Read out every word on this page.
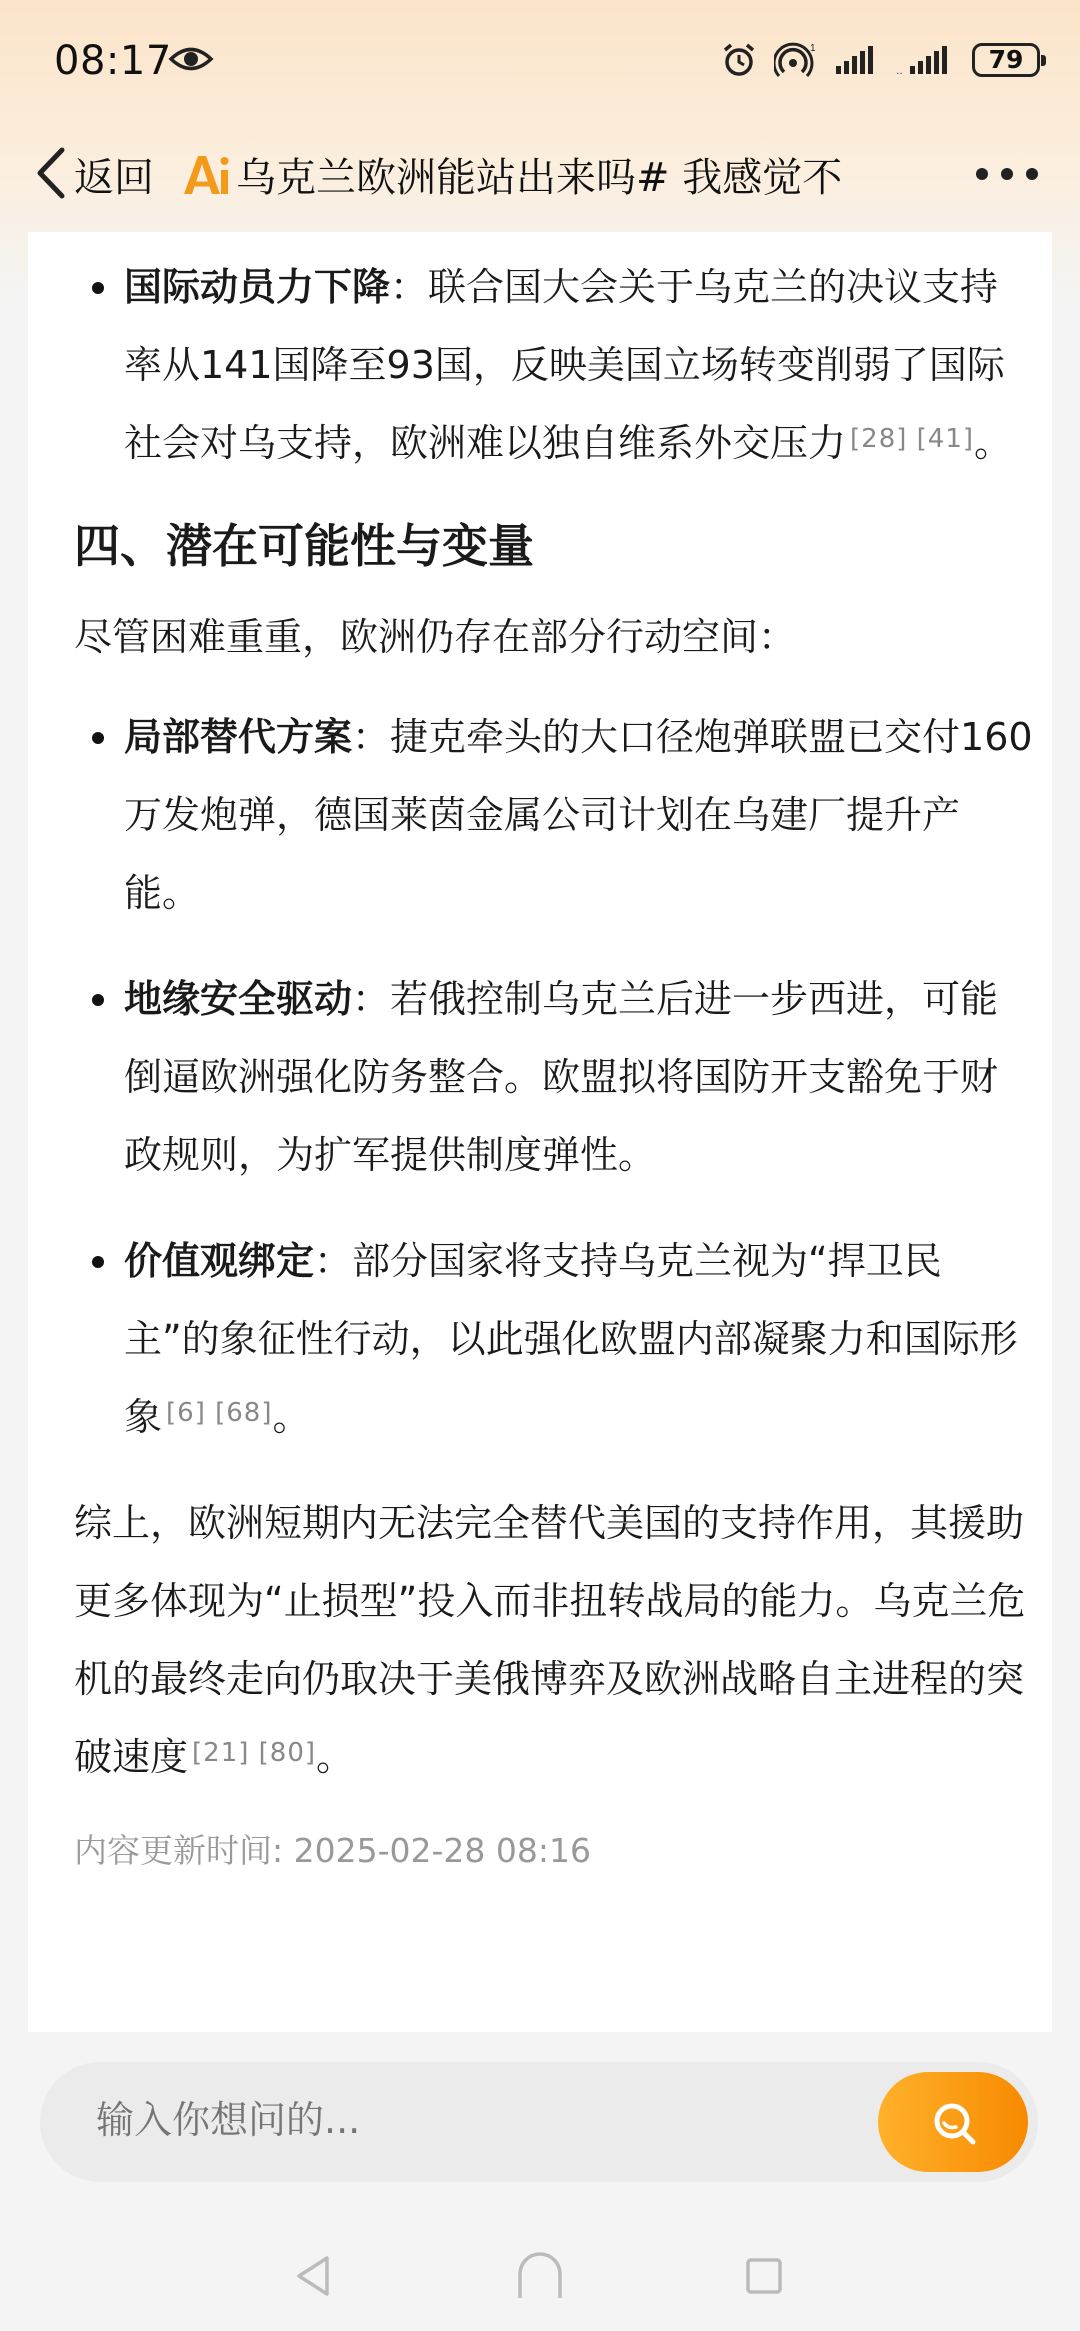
08:17	1
..	79
返回 乌克兰欧洲能站出来吗# 我感觉不
国际动员力下降：联合国大会关于乌克兰的决议支持率从141国降至93国，反映美国立场转变削弱了国际社会对乌支持，欧洲难以独自维系外交压力 [28] [41]。
四、潜在可能性与变量
尽管困难重重，欧洲仍存在部分行动空间：
局部替代方案：捷克牵头的大口径炮弹联盟已交付160万发炮弹，德国莱茵金属公司计划在乌建厂提升产能。
地缘安全驱动：若俄控制乌克兰后进一步西进，可能倒逼欧洲强化防务整合。欧盟拟将国防开支豁免于财政规则，为扩军提供制度弹性。
价值观绑定：部分国家将支持乌克兰视为“捍卫民主”的象征性行动，以此强化欧盟内部凝聚力和国际形象 [6] [68]。
综上，欧洲短期内无法完全替代美国的支持作用，其援助更多体现为“止损型”投入而非扭转战局的能力。乌克兰危机的最终走向仍取决于美俄博弈及欧洲战略自主进程的突破速度 [21] [80]。
内容更新时间: 2025-02-28 08:16
输入你想问的...
